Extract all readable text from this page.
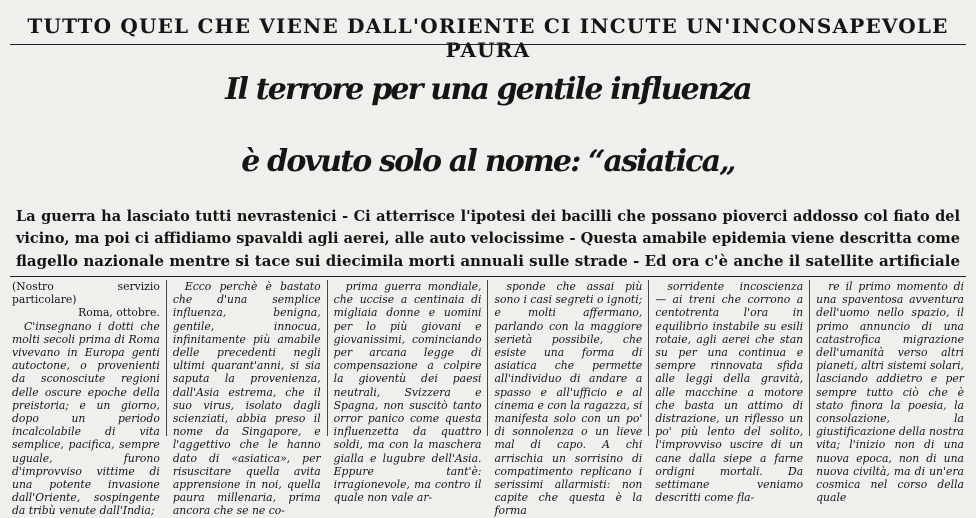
TUTTO QUEL CHE VIENE DALL'ORIENTE CI INCUTE UN'INCONSAPEVOLE PAURA
Il terrore per una gentile influenza
è dovuto solo al nome: “asiatica„
La guerra ha lasciato tutti nevrastenici - Ci atterrisce l'ipotesi dei bacilli che possano pioverci addosso col fiato del
vicino, ma poi ci affidiamo spavaldi agli aerei, alle auto velocissime - Questa amabile epidemia viene descritta come
flagello nazionale mentre si tace sui diecimila morti annuali sulle strade - Ed ora c'è anche il satellite artificiale
(Nostro servizio particolare)
Roma, ottobre.

C'insegnano i dotti che molti secoli prima di Roma vivevano in Europa genti autoctone, o provenienti da sconosciute regioni delle oscure epoche della preistoria; e un giorno, dopo un periodo incalcolabile di vita semplice, pacifica, sempre uguale, furono d'improvviso vittime di una potente invasione dall'Oriente, sospingente da tribù venute dall'India;

Ecco perchè è bastato che d'una semplice influenza, benigna, gentile, innocua, infinitamente più amabile delle precedenti negli ultimi quarant'anni, si sia saputa la provenienza, dall'Asia estrema, che il suo virus, isolato dagli scienziati, abbia preso il nome da Singapore, e l'aggettivo che le hanno dato di «asiatica», per risuscitare quella avita apprensione in noi, quella paura millenaria, prima ancora che se ne co-

prima guerra mondiale, che uccise a centinaia di migliaia donne e uomini per lo più giovani e giovanissimi, cominciando per arcana legge di compensazione a colpire la gioventù dei paesi neutrali, Svizzera e Spagna, non suscitò tanto orror panico come questa influenzetta da quattro soldi, ma con la maschera gialla e lugubre dell'Asia. Eppure tant'è: irragionevole, ma contro il quale non vale ar-

sponde che assai più sono i casi segreti o ignoti; e molti affermano, parlando con la maggiore serietà possibile, che esiste una forma di asiatica che permette all'individuo di andare a spasso e all'ufficio e al cinema e con la ragazza, si manifesta solo con un po' di sonnolenza o un lieve mal di capo. A chi arrischia un sorrisino di compatimento replicano i serissimi allarmisti: non capite che questa è la forma

sorridente incoscienza — ai treni che corrono a centotrenta l'ora in equilibrio instabile su esili rotaie, agli aerei che stan su per una continua e sempre rinnovata sfida alle leggi della gravità, alle macchine a motore che basta un attimo di distrazione, un riflesso un po' più lento del solito, l'improvviso uscire di un cane dalla siepe a farne ordigni mortali. Da settimane veniamo descritti come fla-

re il primo momento di una spaventosa avventura dell'uomo nello spazio, il primo annuncio di una catastrofica migrazione dell'umanità verso altri pianeti, altri sistemi solari, lasciando addietro e per sempre tutto ciò che è stato finora la poesia, la consolazione, la giustificazione della nostra vita; l'inizio non di una nuova epoca, non di una nuova civiltà, ma di un'era cosmica nel corso della quale
